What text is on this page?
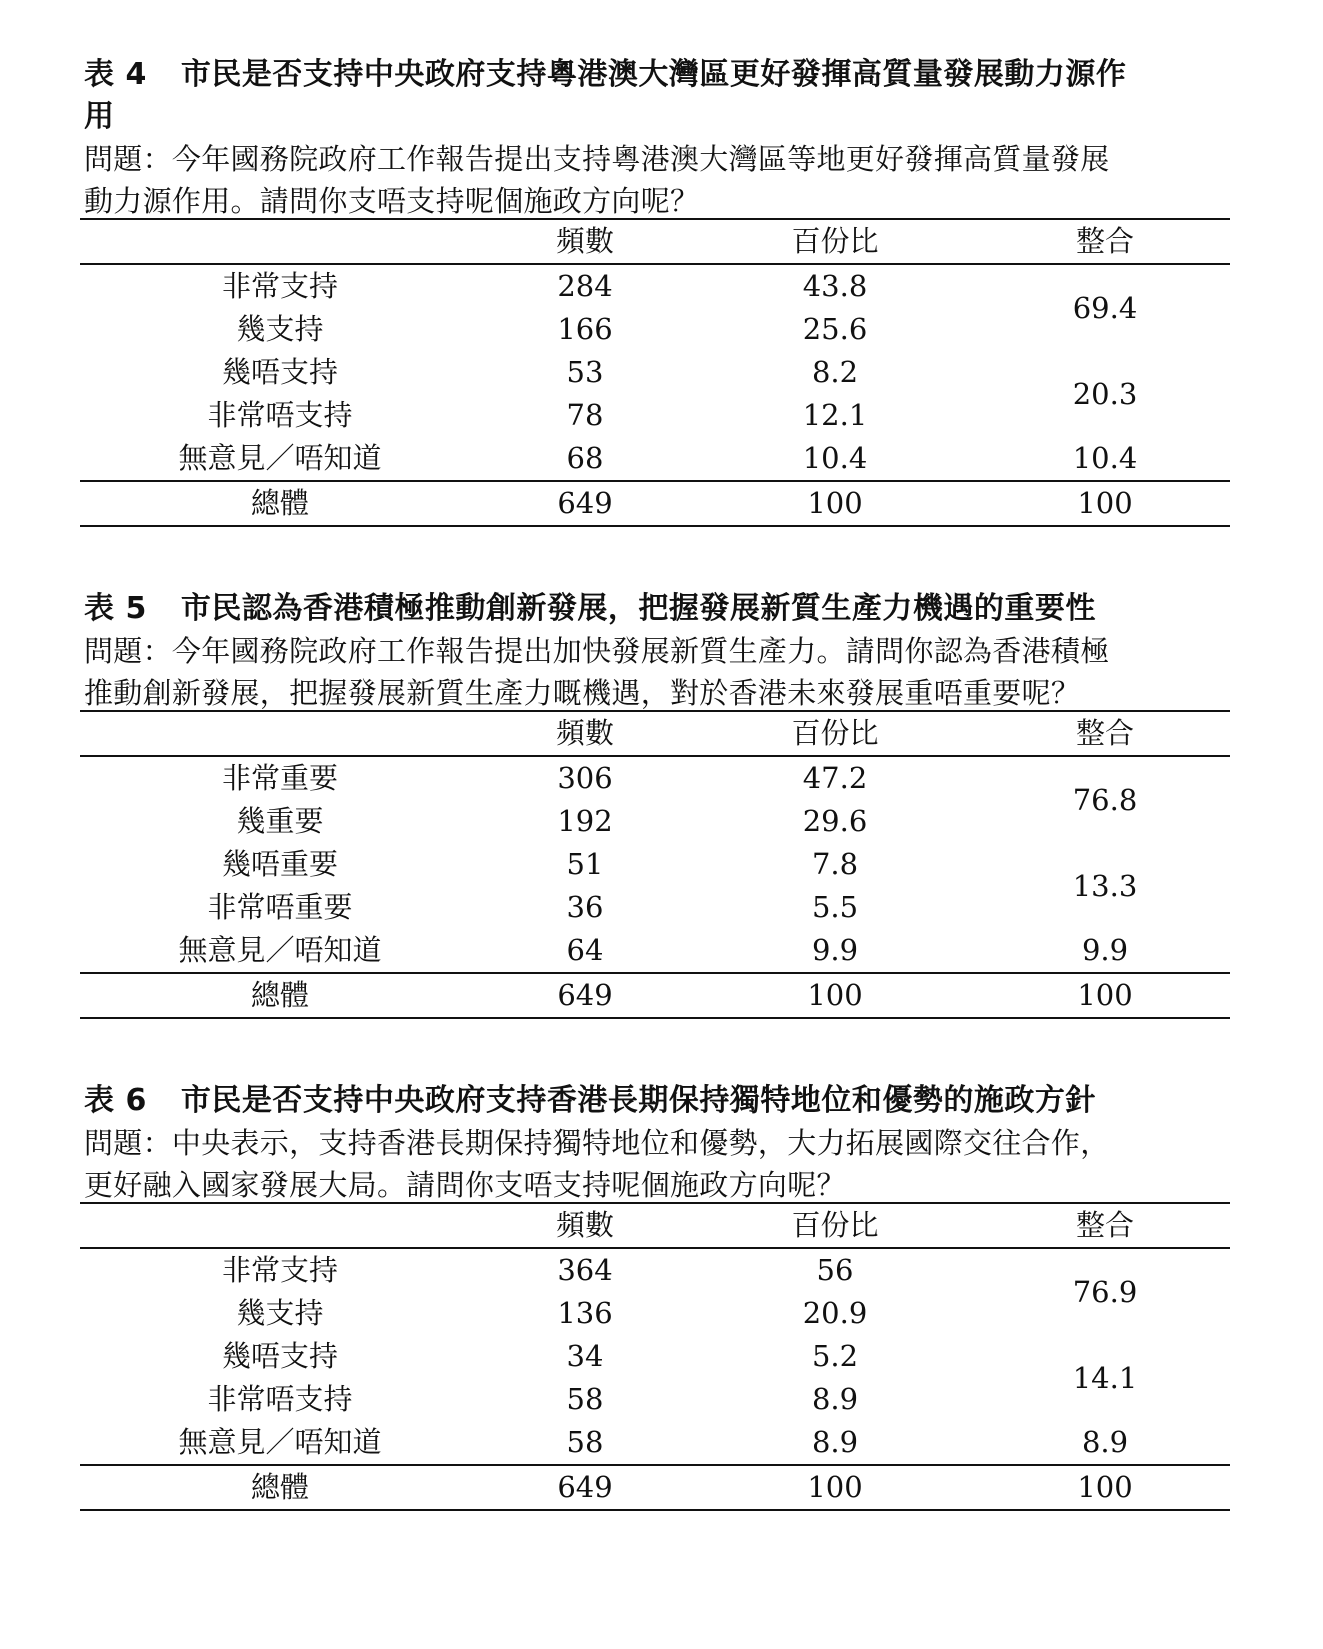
表 4 市民是否支持中央政府支持粵港澳大灣區更好發揮高質量發展動力源作

用

問題：今年國務院政府工作報告提出支持粵港澳大灣區等地更好發揮高質量發展

動力源作用。請問你支唔支持呢個施政方向呢？

	頻數	百份比	整合
非常支持	284	43.8	69.4
幾支持	166	25.6	
幾唔支持	53	8.2	20.3
非常唔支持	78	12.1	
無意見／唔知道	68	10.4	10.4
總體	649	100	100

表 5 市民認為香港積極推動創新發展，把握發展新質生產力機遇的重要性

問題：今年國務院政府工作報告提出加快發展新質生產力。請問你認為香港積極

推動創新發展，把握發展新質生產力嘅機遇，對於香港未來發展重唔重要呢？

	頻數	百份比	整合
非常重要	306	47.2	76.8
幾重要	192	29.6	
幾唔重要	51	7.8	13.3
非常唔重要	36	5.5	
無意見／唔知道	64	9.9	9.9
總體	649	100	100

表 6 市民是否支持中央政府支持香港長期保持獨特地位和優勢的施政方針

問題：中央表示，支持香港長期保持獨特地位和優勢，大力拓展國際交往合作，

更好融入國家發展大局。請問你支唔支持呢個施政方向呢？

	頻數	百份比	整合
非常支持	364	56	76.9
幾支持	136	20.9	
幾唔支持	34	5.2	14.1
非常唔支持	58	8.9	
無意見／唔知道	58	8.9	8.9
總體	649	100	100
